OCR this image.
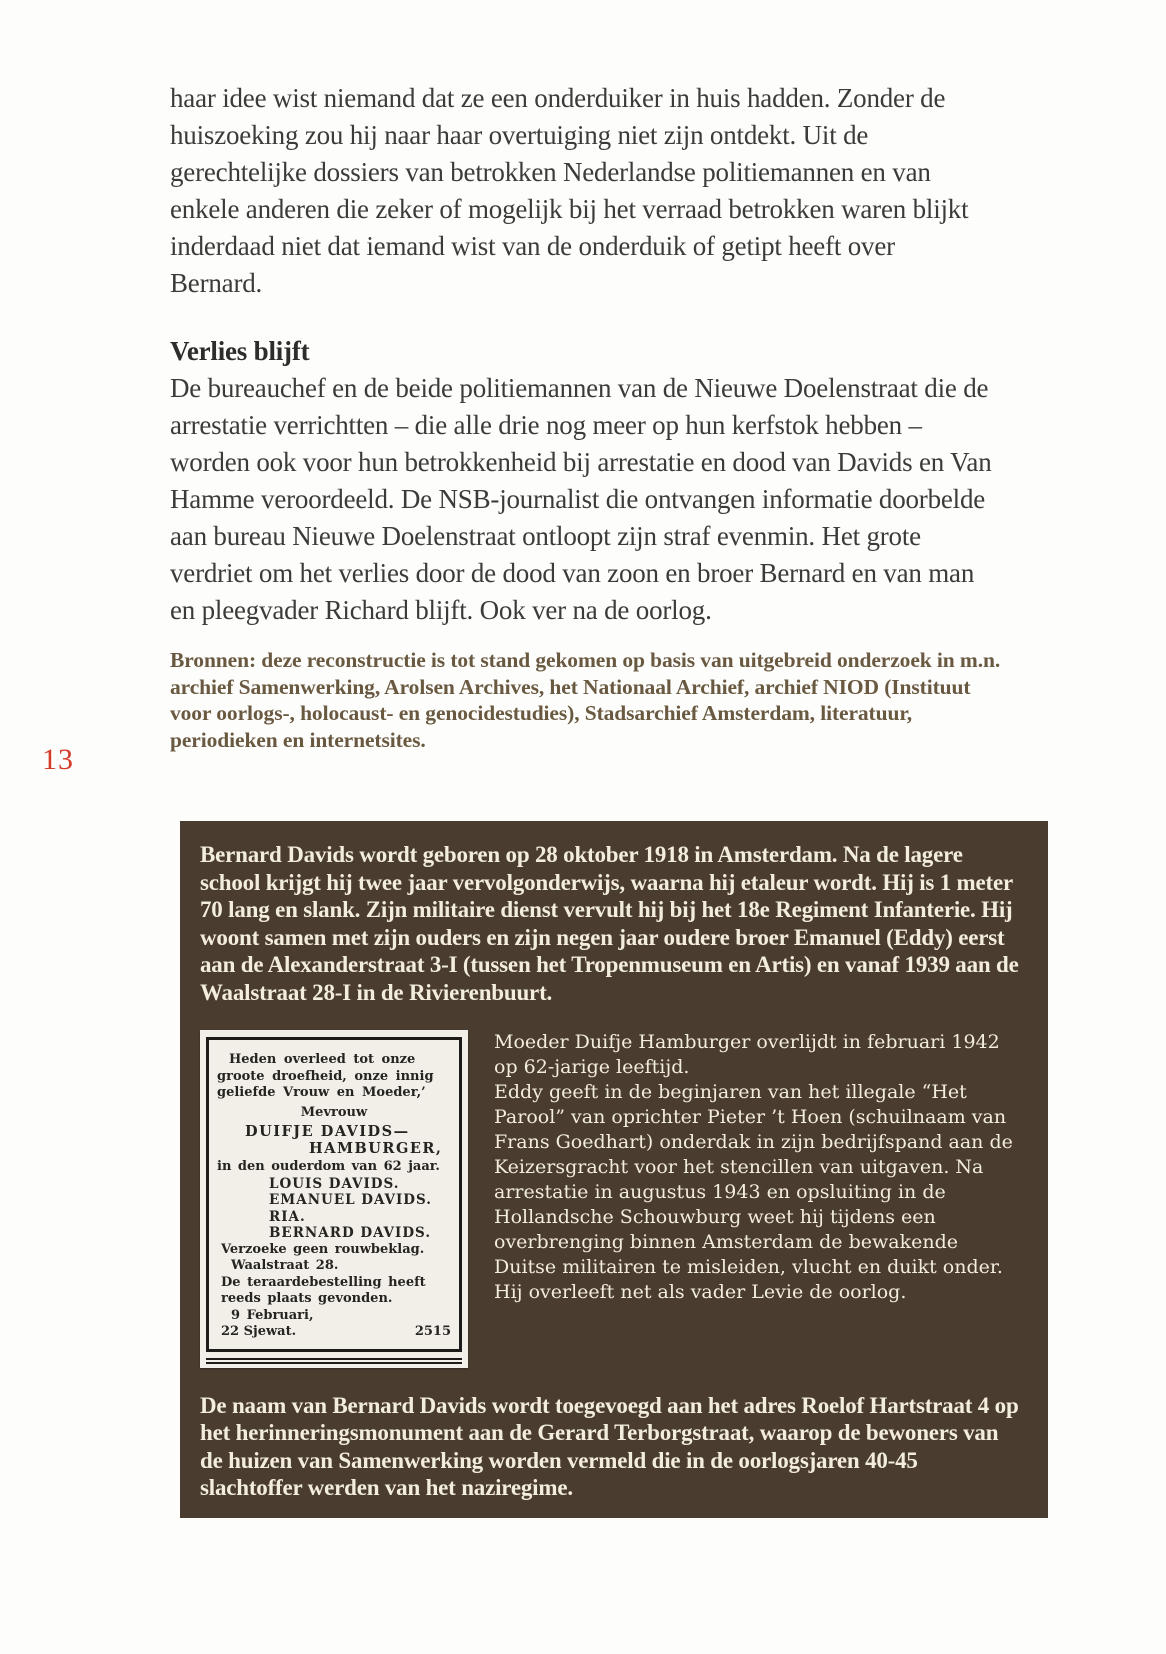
13

haar idee wist niemand dat ze een onderduiker in huis hadden. Zonder de huiszoeking zou hij naar haar overtuiging niet zijn ontdekt. Uit de gerechtelijke dossiers van betrokken Nederlandse politiemannen en van enkele anderen die zeker of mogelijk bij het verraad betrokken waren blijkt inderdaad niet dat iemand wist van de onderduik of getipt heeft over Bernard.

Verlies blijft

De bureauchef en de beide politiemannen van de Nieuwe Doelenstraat die de arrestatie verrichtten – die alle drie nog meer op hun kerfstok hebben – worden ook voor hun betrokkenheid bij arrestatie en dood van Davids en Van Hamme veroordeeld. De NSB-journalist die ontvangen informatie doorbelde aan bureau Nieuwe Doelenstraat ontloopt zijn straf evenmin. Het grote verdriet om het verlies door de dood van zoon en broer Bernard en van man en pleegvader Richard blijft. Ook ver na de oorlog.

Bronnen: deze reconstructie is tot stand gekomen op basis van uitgebreid onderzoek in m.n. archief Samenwerking, Arolsen Archives, het Nationaal Archief, archief NIOD (Instituut voor oorlogs-, holocaust- en genocidestudies), Stadsarchief Amsterdam, literatuur, periodieken en internetsites.

Bernard Davids wordt geboren op 28 oktober 1918 in Amsterdam. Na de lagere school krijgt hij twee jaar vervolgonderwijs, waarna hij etaleur wordt. Hij is 1 meter 70 lang en slank. Zijn militaire dienst vervult hij bij het 18e Regiment Infanterie. Hij woont samen met zijn ouders en zijn negen jaar oudere broer Emanuel (Eddy) eerst aan de Alexanderstraat 3-I (tussen het Tropenmuseum en Artis) en vanaf 1939 aan de Waalstraat 28-I in de Rivierenbuurt.

Heden overleed tot onze groote droefheid, onze innig geliefde Vrouw en Moeder,’
Mevrouw
DUIFJE DAVIDS—
HAMBURGER,
in den ouderdom van 62 jaar.
LOUIS DAVIDS.
EMANUEL DAVIDS.
RIA.
BERNARD DAVIDS.
Verzoeke geen rouwbeklag.
Waalstraat 28.
De teraardebestelling heeft reeds plaats gevonden.
9 Februari,
22 Sjewat.	2515

Moeder Duifje Hamburger overlijdt in februari 1942 op 62-jarige leeftijd.

Eddy geeft in de beginjaren van het illegale “Het Parool” van oprichter Pieter ’t Hoen (schuilnaam van Frans Goedhart) onderdak in zijn bedrijfspand aan de Keizersgracht voor het stencillen van uitgaven. Na arrestatie in augustus 1943 en opsluiting in de Hollandsche Schouwburg weet hij tijdens een overbrenging binnen Amsterdam de bewakende Duitse militairen te misleiden, vlucht en duikt onder. Hij overleeft net als vader Levie de oorlog.

De naam van Bernard Davids wordt toegevoegd aan het adres Roelof Hartstraat 4 op het herinneringsmonument aan de Gerard Terborgstraat, waarop de bewoners van de huizen van Samenwerking worden vermeld die in de oorlogsjaren 40-45 slachtoffer werden van het naziregime.
